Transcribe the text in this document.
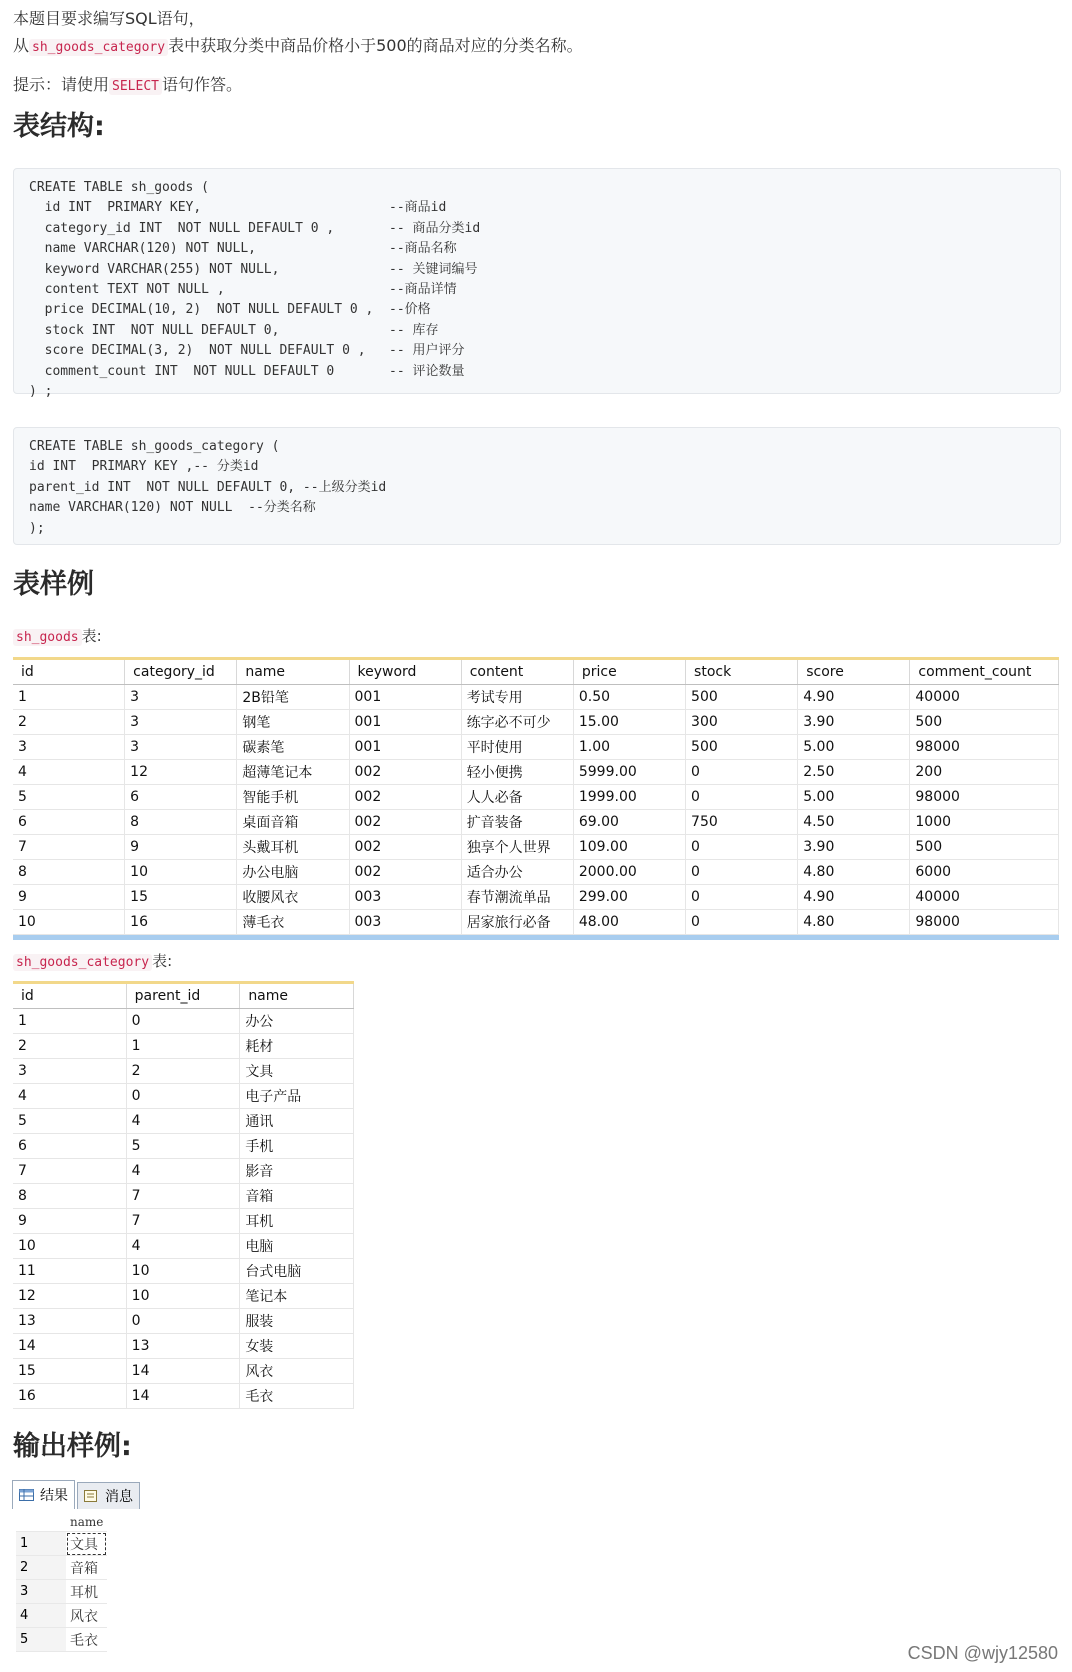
本题目要求编写SQL语句，

从 sh_goods_category 表中获取分类中商品价格小于500的商品对应的分类名称。

提示：请使用 SELECT 语句作答。

表结构:
CREATE TABLE sh_goods (
id INT  PRIMARY KEY,                        --商品id
category_id INT  NOT NULL DEFAULT 0 ,       -- 商品分类id
name VARCHAR(120) NOT NULL,                 --商品名称
keyword VARCHAR(255) NOT NULL,              -- 关键词编号
content TEXT NOT NULL ,                     --商品详情
price DECIMAL(10, 2)  NOT NULL DEFAULT 0 ,  --价格
stock INT  NOT NULL DEFAULT 0,              -- 库存
score DECIMAL(3, 2)  NOT NULL DEFAULT 0 ,   -- 用户评分
comment_count INT  NOT NULL DEFAULT 0       -- 评论数量
) ;
CREATE TABLE sh_goods_category (
id INT  PRIMARY KEY ,-- 分类id
parent_id INT  NOT NULL DEFAULT 0, --上级分类id
name VARCHAR(120) NOT NULL  --分类名称
);
表样例
sh_goods 表:
id	category_id	name	keyword	content	price	stock	score	comment_count
1	3	2B铅笔	001	考试专用	0.50	500	4.90	40000
2	3	钢笔	001	练字必不可少	15.00	300	3.90	500
3	3	碳素笔	001	平时使用	1.00	500	5.00	98000
4	12	超薄笔记本	002	轻小便携	5999.00	0	2.50	200
5	6	智能手机	002	人人必备	1999.00	0	5.00	98000
6	8	桌面音箱	002	扩音装备	69.00	750	4.50	1000
7	9	头戴耳机	002	独享个人世界	109.00	0	3.90	500
8	10	办公电脑	002	适合办公	2000.00	0	4.80	6000
9	15	收腰风衣	003	春节潮流单品	299.00	0	4.90	40000
10	16	薄毛衣	003	居家旅行必备	48.00	0	4.80	98000
sh_goods_category 表:
id	parent_id	name
1	0	办公
2	1	耗材
3	2	文具
4	0	电子产品
5	4	通讯
6	5	手机
7	4	影音
8	7	音箱
9	7	耳机
10	4	电脑
11	10	台式电脑
12	10	笔记本
13	0	服装
14	13	女装
15	14	风衣
16	14	毛衣
输出样例:
结果	消息
	name
1	文具
2	音箱
3	耳机
4	风衣
5	毛衣
CSDN @wjy12580
